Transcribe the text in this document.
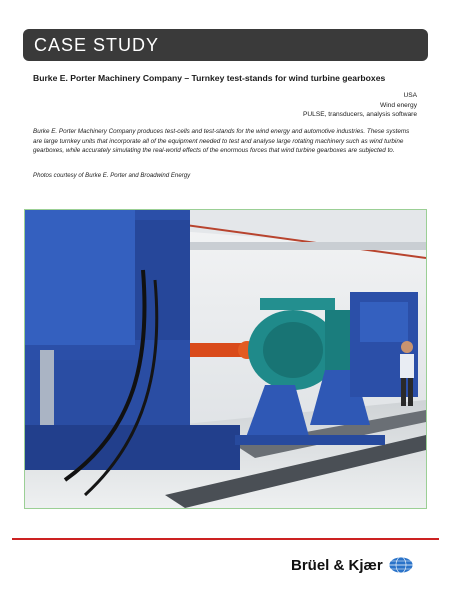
CASE STUDY
Burke E. Porter Machinery Company – Turnkey test-stands for wind turbine gearboxes
USA
Wind energy
PULSE, transducers, analysis software
Burke E. Porter Machinery Company produces test-cells and test-stands for the wind energy and automotive industries. These systems are large turnkey units that incorporate all of the equipment needed to test and analyse large rotating machinery such as wind turbine gearboxes, while accurately simulating the real-world effects of the enormous forces that wind turbine gearboxes are subjected to.
Photos courtesy of Burke E. Porter and Broadwind Energy
Brüel & Kjær
